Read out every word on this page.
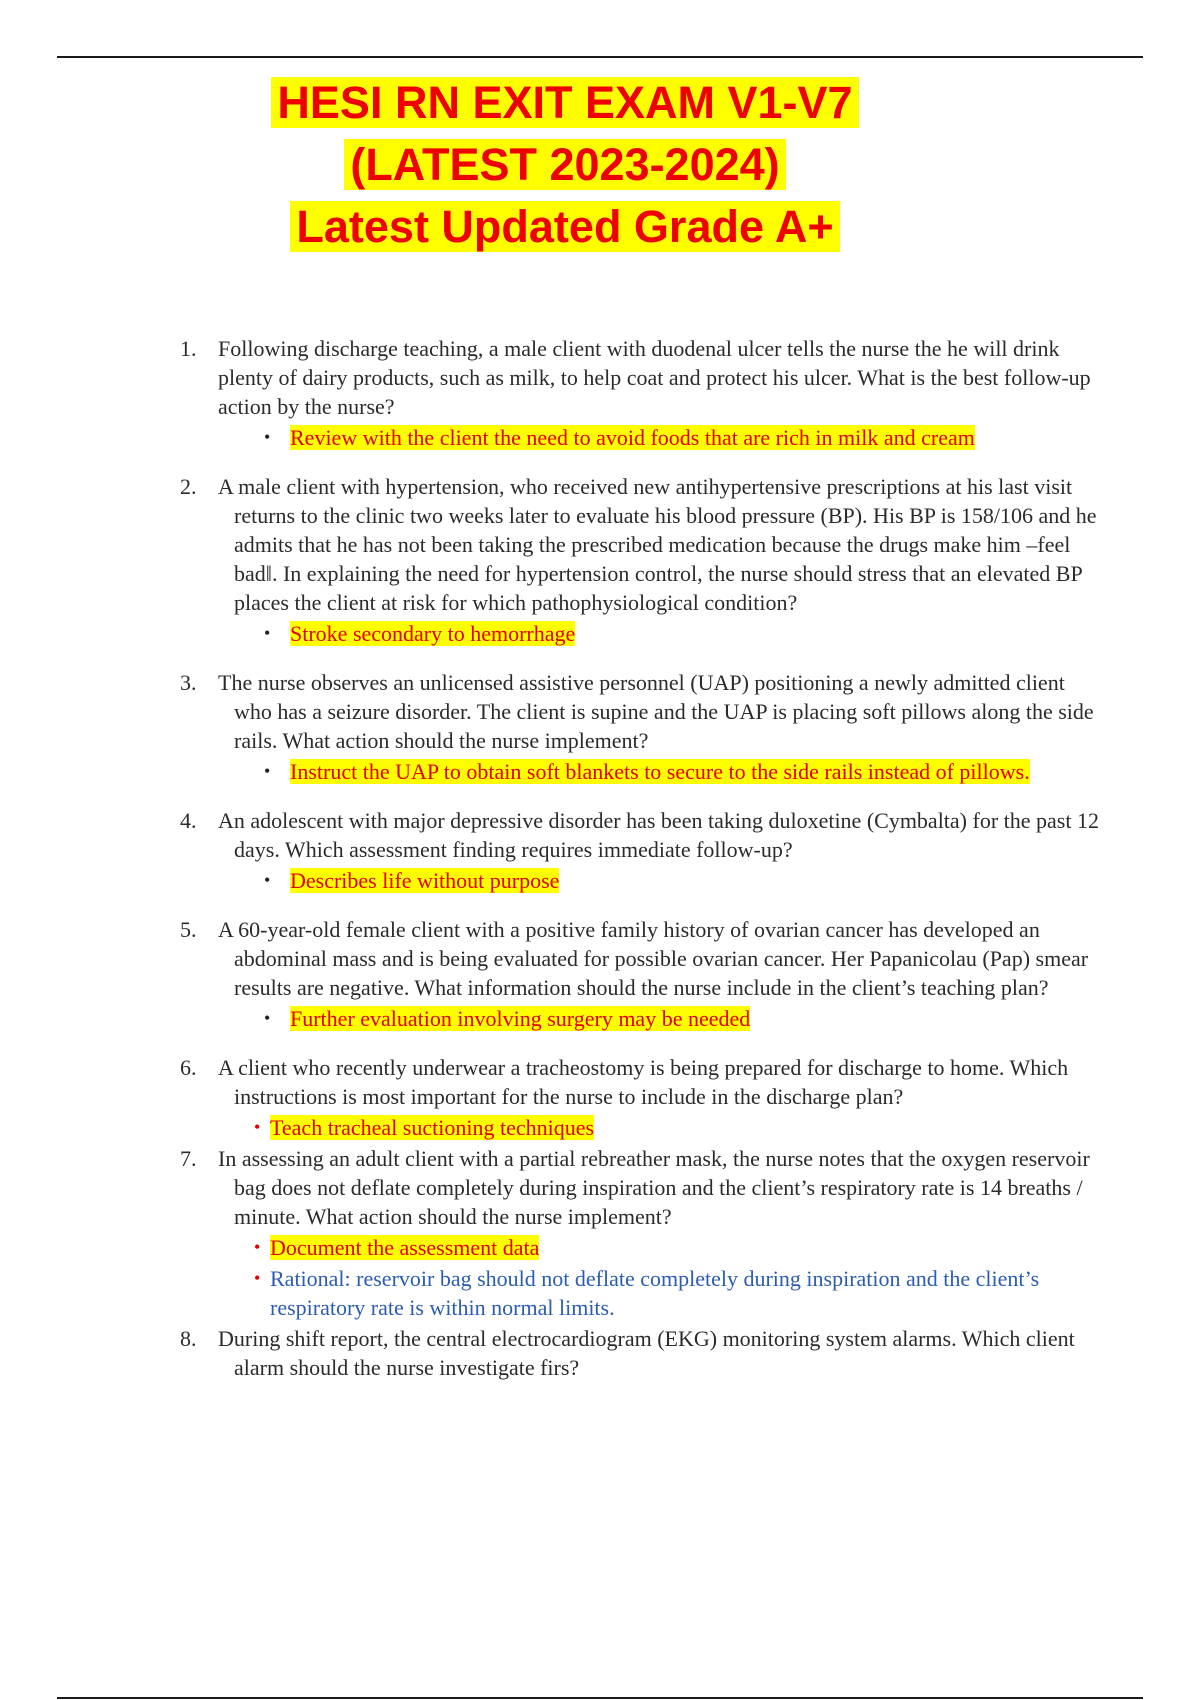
HESI RN EXIT EXAM V1-V7
(LATEST 2023-2024)
Latest Updated Grade A+
1. Following discharge teaching, a male client with duodenal ulcer tells the nurse the he will drink plenty of dairy products, such as milk, to help coat and protect his ulcer. What is the best follow-up action by the nurse?
• Review with the client the need to avoid foods that are rich in milk and cream
2. A male client with hypertension, who received new antihypertensive prescriptions at his last visit returns to the clinic two weeks later to evaluate his blood pressure (BP). His BP is 158/106 and he admits that he has not been taking the prescribed medication because the drugs make him –feel bad‖. In explaining the need for hypertension control, the nurse should stress that an elevated BP places the client at risk for which pathophysiological condition?
• Stroke secondary to hemorrhage
3. The nurse observes an unlicensed assistive personnel (UAP) positioning a newly admitted client who has a seizure disorder. The client is supine and the UAP is placing soft pillows along the side rails. What action should the nurse implement?
• Instruct the UAP to obtain soft blankets to secure to the side rails instead of pillows.
4. An adolescent with major depressive disorder has been taking duloxetine (Cymbalta) for the past 12 days. Which assessment finding requires immediate follow-up?
• Describes life without purpose
5. A 60-year-old female client with a positive family history of ovarian cancer has developed an abdominal mass and is being evaluated for possible ovarian cancer. Her Papanicolau (Pap) smear results are negative. What information should the nurse include in the client’s teaching plan?
• Further evaluation involving surgery may be needed
6. A client who recently underwear a tracheostomy is being prepared for discharge to home. Which instructions is most important for the nurse to include in the discharge plan?
• Teach tracheal suctioning techniques
7. In assessing an adult client with a partial rebreather mask, the nurse notes that the oxygen reservoir bag does not deflate completely during inspiration and the client’s respiratory rate is 14 breaths / minute. What action should the nurse implement?
• Document the assessment data
• Rational: reservoir bag should not deflate completely during inspiration and the client’s respiratory rate is within normal limits.
8. During shift report, the central electrocardiogram (EKG) monitoring system alarms. Which client alarm should the nurse investigate firs?
